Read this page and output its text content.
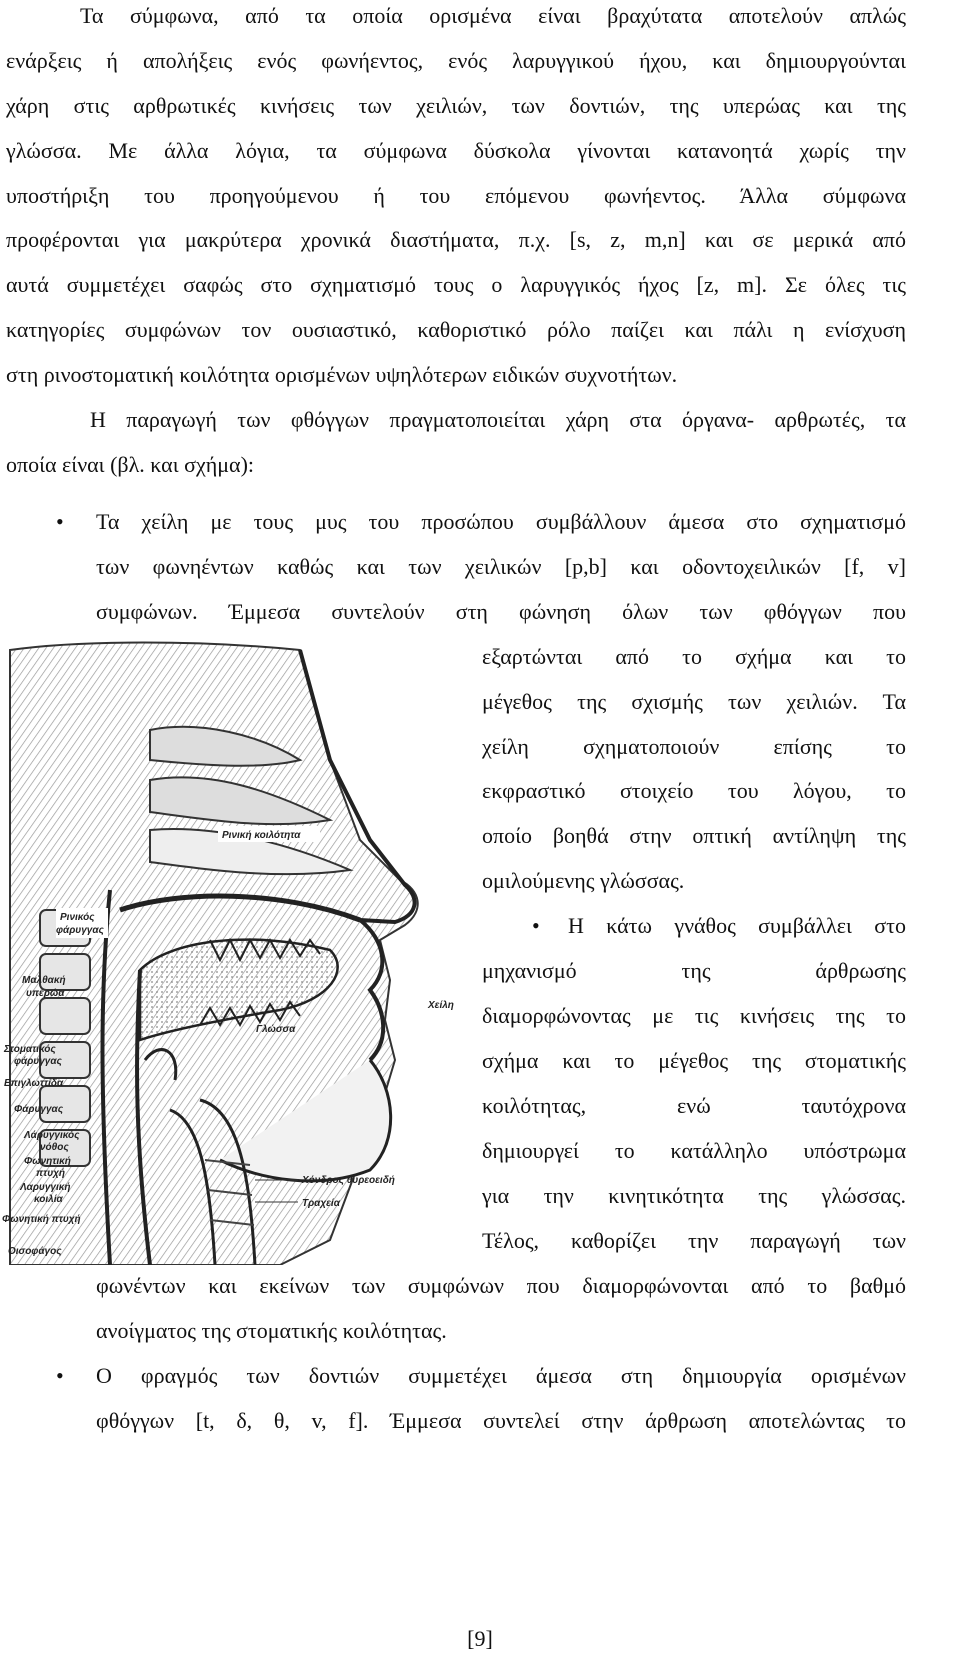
Τα σύμφωνα, από τα οποία ορισμένα είναι βραχύτατα αποτελούν απλώς
ενάρξεις ή απολήξεις ενός φωνήεντος, ενός λαρυγγικού ήχου, και δημιουργούνται
χάρη στις αρθρωτικές κινήσεις των χειλιών, των δοντιών, της υπερώας και της
γλώσσα. Με άλλα λόγια, τα σύμφωνα δύσκολα γίνονται κατανοητά χωρίς την
υποστήριξη του προηγούμενου ή του επόμενου φωνήεντος. Άλλα σύμφωνα
προφέρονται για μακρύτερα χρονικά διαστήματα, π.χ. [s, z, m,n] και σε μερικά από
αυτά συμμετέχει σαφώς στο σχηματισμό τους ο λαρυγγικός ήχος [z, m]. Σε όλες τις
κατηγορίες συμφώνων τον ουσιαστικό, καθοριστικό ρόλο παίζει και πάλι η ενίσχυση
στη ρινοστοματική κοιλότητα ορισμένων υψηλότερων ειδικών συχνοτήτων.
Η παραγωγή των φθόγγων πραγματοποιείται χάρη στα όργανα- αρθρωτές, τα
οποία είναι (βλ. και σχήμα):
• Τα χείλη με τους μυς του προσώπου συμβάλλουν άμεσα στο σχηματισμό
των φωνηέντων καθώς και των χειλικών [p,b] και οδοντοχειλικών [f, v]
συμφώνων. Έμμεσα συντελούν στη φώνηση όλων των φθόγγων που
εξαρτώνται από το σχήμα και το
μέγεθος της σχισμής των χειλιών. Τα
χείλη σχηματοποιούν επίσης το
εκφραστικό στοιχείο του λόγου, το
οποίο βοηθά στην οπτική αντίληψη της
ομιλούμενης γλώσσας.
• Η κάτω γνάθος συμβάλλει στο
μηχανισμό της άρθρωσης
διαμορφώνοντας με τις κινήσεις της το
σχήμα και το μέγεθος της στοματικής
κοιλότητας, ενώ ταυτόχρονα
δημιουργεί το κατάλληλο υπόστρωμα
για την κινητικότητα της γλώσσας.
Τέλος, καθορίζει την παραγωγή των
φωνέντων και εκείνων των συμφώνων που διαμορφώνονται από το βαθμό
ανοίγματος της στοματικής κοιλότητας.
• Ο φραγμός των δοντιών συμμετέχει άμεσα στη δημιουργία ορισμένων
φθόγγων [t, δ, θ, v, f]. Έμμεσα συντελεί στην άρθρωση αποτελώντας το
Ρινική κοιλότητα
Ρινικός
φάρυγγας
Μαλθακή
υπερώα
Χείλη
Γλώσσα
Στοματικός
φάρυγγας
Επιγλωττίδα
Φάρυγγας
Λάρυγγικός
νόθος
Φωνητική
πτυχή
Λαρυγγική
κοιλία
Φωνητική πτυχή
Οισοφάγος
Χόνδρος θυρεοειδή
Τραχεία
[9]
